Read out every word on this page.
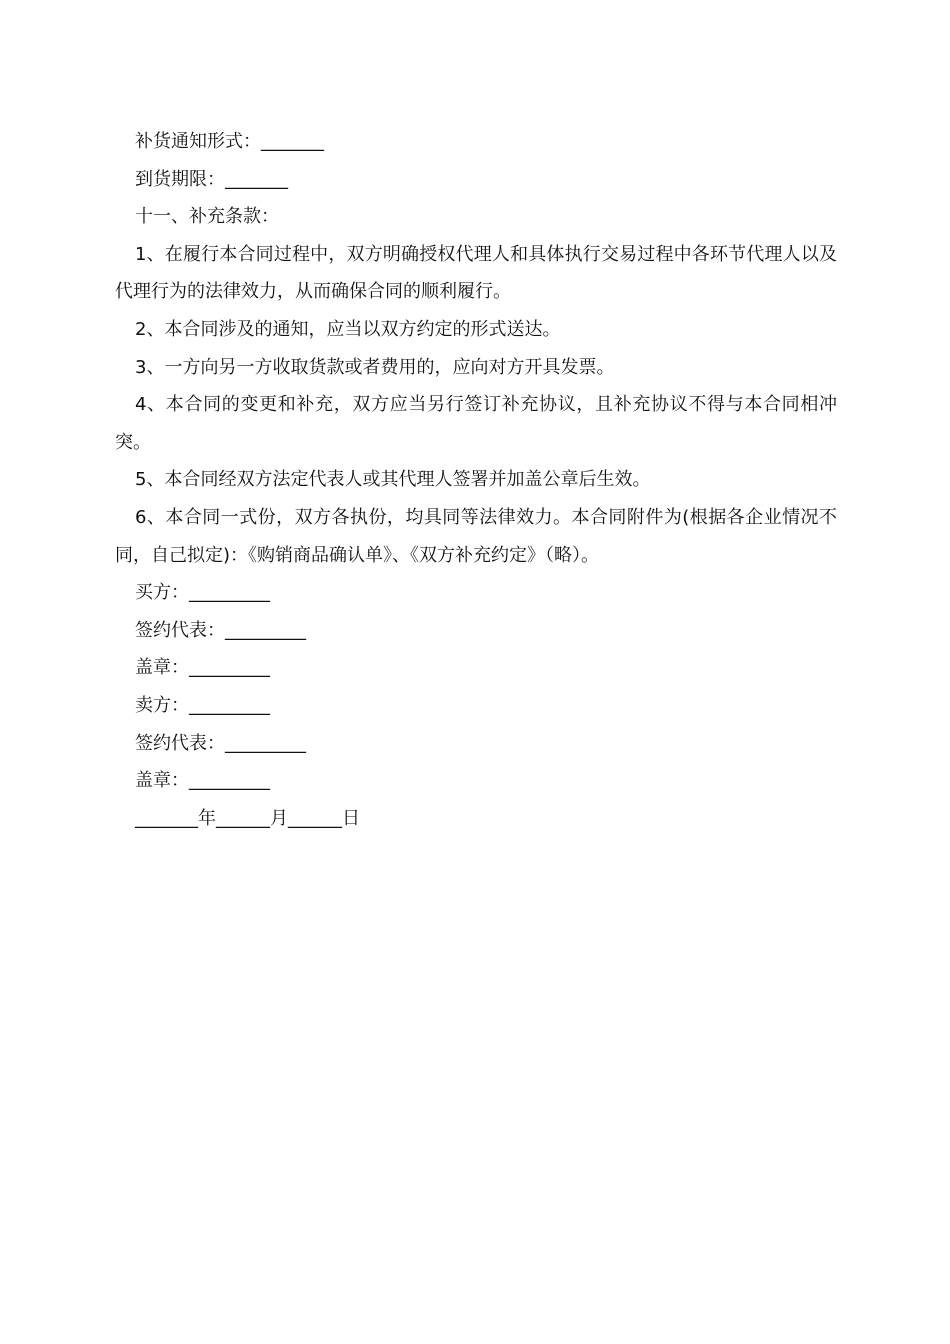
补货通知形式：_______

到货期限：_______

十一、补充条款：

1、在履行本合同过程中，双方明确授权代理人和具体执行交易过程中各环节代理人以及代理行为的法律效力，从而确保合同的顺利履行。

2、本合同涉及的通知，应当以双方约定的形式送达。

3、一方向另一方收取货款或者费用的，应向对方开具发票。

4、本合同的变更和补充，双方应当另行签订补充协议，且补充协议不得与本合同相冲突。

5、本合同经双方法定代表人或其代理人签署并加盖公章后生效。

6、本合同一式份，双方各执份，均具同等法律效力。本合同附件为(根据各企业情况不同，自己拟定)：《购销商品确认单》、《双方补充约定》（略）。

买方：_________

签约代表：_________

盖章：_________

卖方：_________

签约代表：_________

盖章：_________

_______年______月______日
